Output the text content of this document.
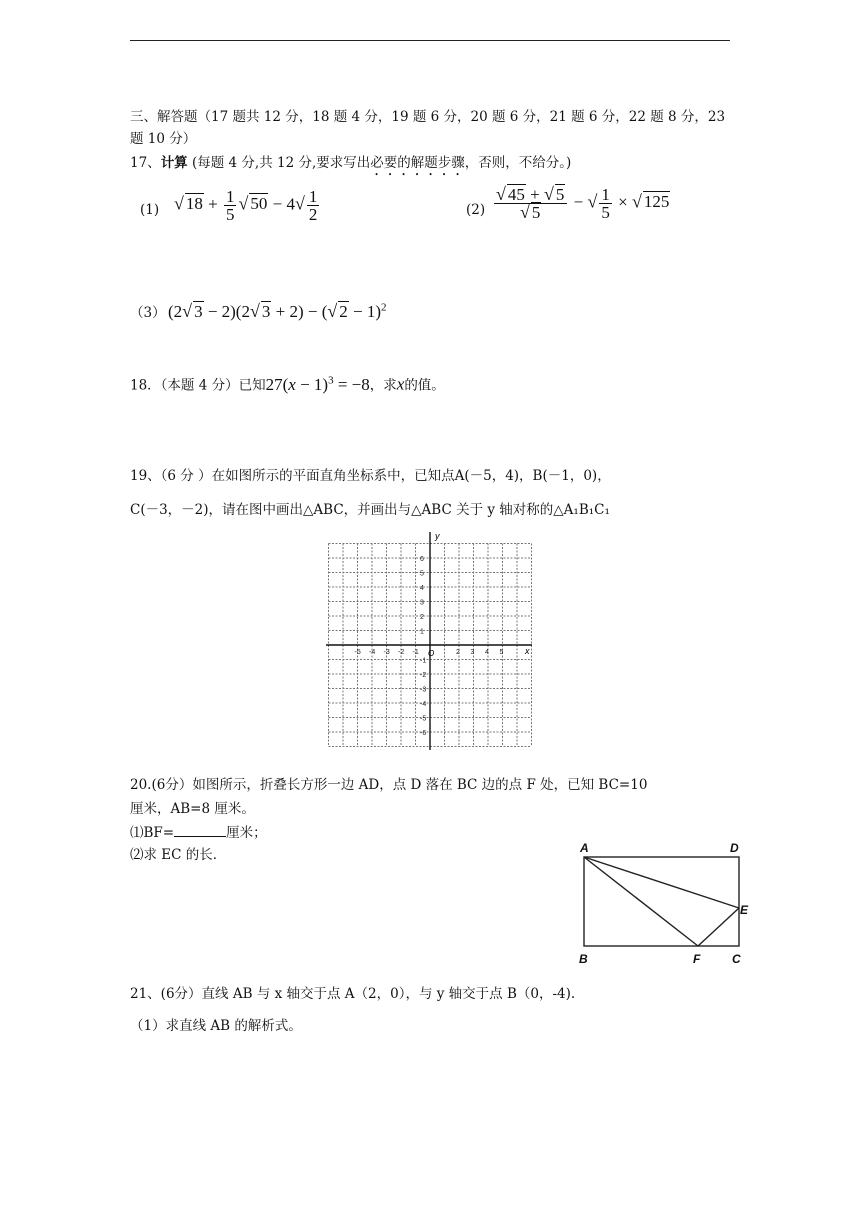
三、解答题（17 题共 12 分，18 题 4 分，19 题 6 分，20 题 6 分，21 题 6 分，22 题 8 分，23
题 10 分）
17、计算 (每题 4 分,共 12 分,要求写出必要的解题步骤，否则，不给分。)
(1) √ $18 + \frac{1}{5}$ √ $50 - 4√ \frac{1}{2}$	$(2) \frac{√ 45 + √ 5}{√ 5}$ − √ $\frac{1}{5}$ × √ 125
（3） (2√ 3 − 2)(2√ 3 + 2) − (√ 2 − 1)$^2$
18．（本题 4 分）已知$27(x - 1)^3 = -8$，求x的值。
19、（6 分 ）在如图所示的平面直角坐标系中，已知点A(－5，4)，B(－1，0)，
C(－3，－2)，请在图中画出△ABC，并画出与△ABC 关于 y 轴对称的△A₁B₁C₁
-5 -4 -3 -2 -1	2 3 4 5
6
5
4
3
2
1
-1
-2
-3
-4
-5
-6
x
y
O
20.(6分）如图所示，折叠长方形一边 AD，点 D 落在 BC 边的点 F 处，已知 BC=10
厘米，AB=8 厘米。
⑴BF=	厘米；
⑵求 EC 的长．	A	D
E
B	F	C
21、(6分）直线 AB 与 x 轴交于点 A（2，0），与 y 轴交于点 B（0，-4).
（1）求直线 AB 的解析式。
